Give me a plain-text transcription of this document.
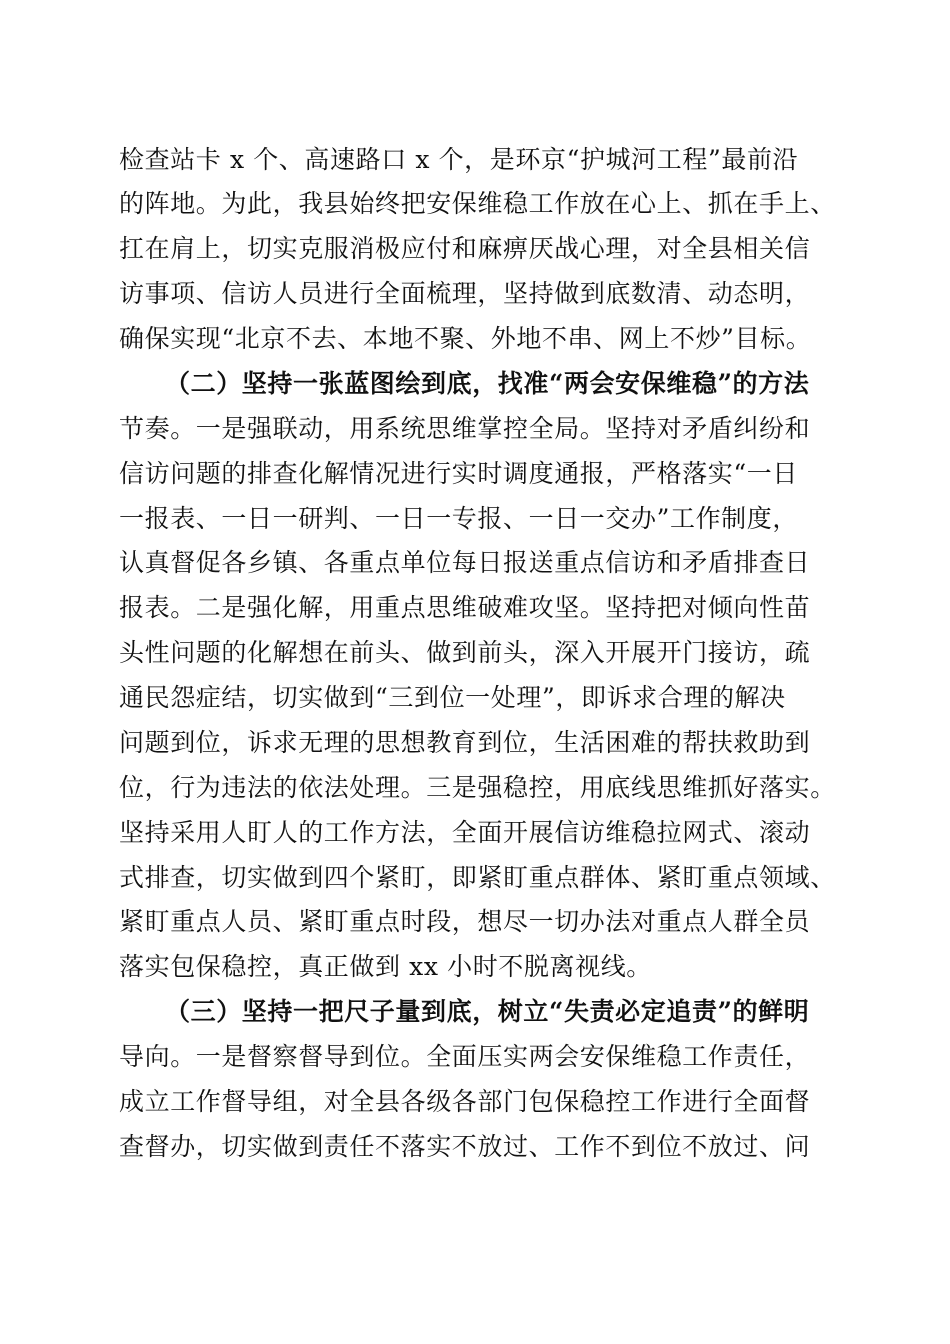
检查站卡 x 个、高速路口 x 个，是环京“护城河工程”最前沿
的阵地。为此，我县始终把安保维稳工作放在心上、抓在手上、
扛在肩上，切实克服消极应付和麻痹厌战心理，对全县相关信
访事项、信访人员进行全面梳理，坚持做到底数清、动态明，
确保实现“北京不去、本地不聚、外地不串、网上不炒”目标。
（二）坚持一张蓝图绘到底，找准“两会安保维稳”的方法
节奏。一是强联动，用系统思维掌控全局。坚持对矛盾纠纷和
信访问题的排查化解情况进行实时调度通报，严格落实“一日
一报表、一日一研判、一日一专报、一日一交办”工作制度，
认真督促各乡镇、各重点单位每日报送重点信访和矛盾排查日
报表。二是强化解，用重点思维破难攻坚。坚持把对倾向性苗
头性问题的化解想在前头、做到前头，深入开展开门接访，疏
通民怨症结，切实做到“三到位一处理”，即诉求合理的解决
问题到位，诉求无理的思想教育到位，生活困难的帮扶救助到
位，行为违法的依法处理。三是强稳控，用底线思维抓好落实。
坚持采用人盯人的工作方法，全面开展信访维稳拉网式、滚动
式排查，切实做到四个紧盯，即紧盯重点群体、紧盯重点领域、
紧盯重点人员、紧盯重点时段，想尽一切办法对重点人群全员
落实包保稳控，真正做到 xx 小时不脱离视线。
（三）坚持一把尺子量到底，树立“失责必定追责”的鲜明
导向。一是督察督导到位。全面压实两会安保维稳工作责任，
成立工作督导组，对全县各级各部门包保稳控工作进行全面督
查督办，切实做到责任不落实不放过、工作不到位不放过、问
